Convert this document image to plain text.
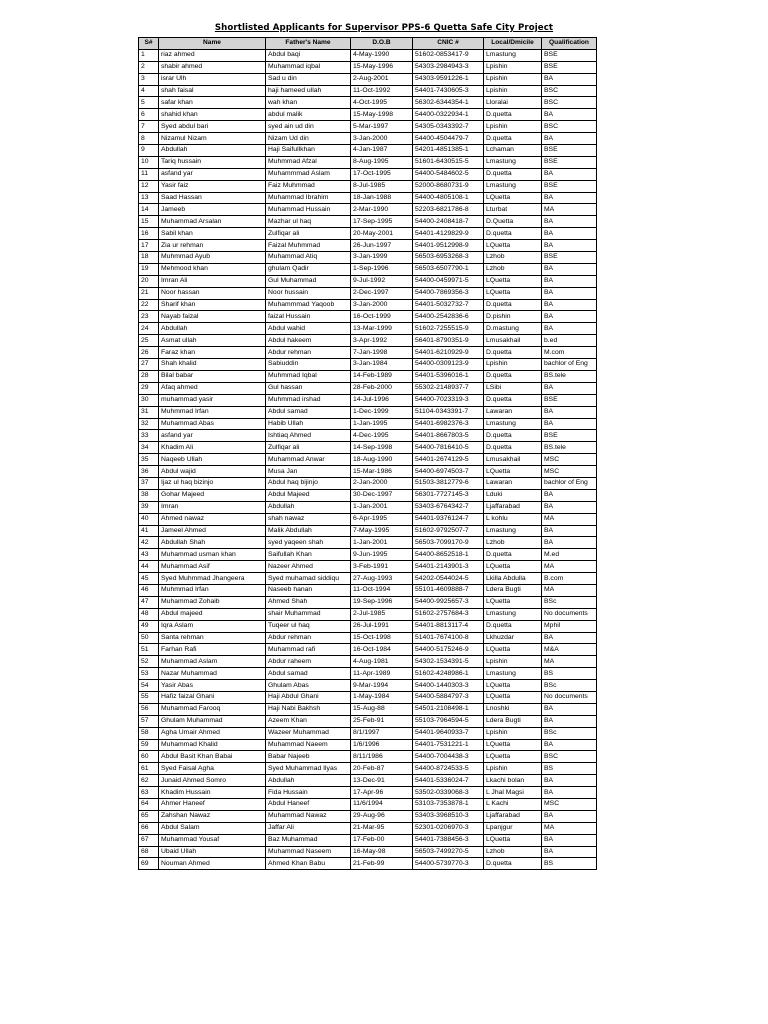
Shortlisted Applicants for Supervisor PPS-6 Quetta Safe City Project
S#	Name	Father's Name	D.O.B	CNIC #	Local/Dmicile	Qualification
1	riaz ahmed	Abdul baqi	4-May-1990	51602-0853417-9	Lmastung	BSE
2	shabir ahmed	Muhammad iqbal	15-May-1996	54303-2984943-3	Lpishin	BSE
3	israr Ulh	Sad u din	2-Aug-2001	54303-9591226-1	Lpishin	BA
4	shah faisal	haji hameed ullah	11-Oct-1992	54401-7430605-3	Lpishin	BSC
5	safar khan	wah khan	4-Oct-1995	56302-6344354-1	Lloralai	BSC
6	shahid khan	abdul malik	15-May-1998	54400-0322934-1	D.quetta	BA
7	Syed abdul bari	syed ain ud din	5-Mar-1997	54305-0343392-7	Lpishin	BSC
8	Nizamul Nizam	Nizam Ud din	3-Jan-2000	54400-4504479-7	D.quetta	BA
9	Abdullah	Haji Saifullkhan	4-Jan-1987	54201-4851385-1	Lchaman	BSE
10	Tariq hussain	Muhmmad Afzal	8-Aug-1995	51601-6430515-5	Lmastung	BSE
11	asfand yar	Muhammmad Aslam	17-Oct-1995	54400-5484602-5	D.quetta	BA
12	Yasir faiz	Faiz Muhmmad	8-Jul-1985	52000-8680731-9	Lmastung	BSE
13	Saad Hassan	Muhammad Ibrahim	18-Jan-1988	54400-4805108-1	LQuetta	BA
14	Jameeb	Muhammad Hussain	2-Mar-1990	52203-6821786-8	Lturbat	MA
15	Muhammad Arsalan	Mazhar ul haq	17-Sep-1995	54400-2408418-7	D.Quetta	BA
16	Sabil khan	Zulfiqar ali	20-May-2001	54401-4129829-9	D.quetta	BA
17	Zia ur rehman	Faizal Muhmmad	26-Jun-1997	54401-9512998-9	LQuetta	BA
18	Muhmmad Ayub	Muhammad Atiq	3-Jan-1999	56503-6953268-3	Lzhob	BSE
19	Mehmood khan	ghulam Qadir	1-Sep-1996	56503-6507790-1	Lzhob	BA
20	Imran Ali	Gul Muhammad	9-Jul-1992	54400-0459971-5	LQuetta	BA
21	Noor hassan	Noor hussain	2-Dec-1997	54400-7869356-3	LQuetta	BA
22	Sharif khan	Muhammmad Yaqoob	3-Jan-2000	54401-5032732-7	D.quetta	BA
23	Nayab faizal	faizal Hussain	16-Oct-1999	54400-2542836-6	D.pishin	BA
24	Abdullah	Abdul wahid	13-Mar-1999	51602-7255515-9	D.mastung	BA
25	Asmat ullah	Abdul hakeem	3-Apr-1992	56401-8790351-9	Lmusakhail	b.ed
26	Faraz khan	Abdur rehman	7-Jan-1998	54401-6210929-9	D.quetta	M.com
27	Shah khalid	Sabiuddin	3-Jan-1984	54400-0309123-9	Lpishin	bachlor of Eng
28	Bilal babar	Muhmmad Iqbal	14-Feb-1989	54401-5396016-1	D.quetta	BS.tele
29	Afaq ahmed	Gul hassan	28-Feb-2000	55302-2148937-7	LSibi	BA
30	muhammad yasir	Muhmmad irshad	14-Jul-1996	54400-7023319-3	D.quetta	BSE
31	Muhmmad Irfan	Abdul samad	1-Dec-1999	51104-0343391-7	Lawaran	BA
32	Muhammad Abas	Habib Ullah	1-Jan-1995	54401-6982376-3	Lmastung	BA
33	asfand yar	Ishtiaq Ahmed	4-Dec-1995	54401-8667803-5	D.quetta	BSE
34	Khadim Ali	Zulfiqar ali	14-Sep-1998	54400-7816410-5	D.quetta	BS.tele
35	Naqeeb Ullah	Muhammad Anwar	18-Aug-1990	54401-2674129-5	Lmusakhail	MSC
36	Abdul wajid	Musa Jan	15-Mar-1986	54400-6974503-7	LQuetta	MSC
37	Ijaz ul haq bizinjo	Abdul haq bijinjo	2-Jan-2000	51503-3812779-6	Lawaran	bachlor of Eng
38	Gohar Majeed	Abdul Majeed	30-Dec-1997	56301-7727145-3	Lduki	BA
39	Imran	Abdullah	1-Jan-2001	53403-6764342-7	Ljaffarabad	BA
40	Ahmed nawaz	shah nawaz	6-Apr-1995	54401-9376124-7	L kohlu	MA
41	Jameel Ahmed	Malik Abdullah	7-May-1995	51602-9792507-7	Lmastung	BA
42	Abdullah Shah	syed yaqeen shah	1-Jan-2001	56503-7099170-9	Lzhob	BA
43	Muhammad usman khan	Saifullah Khan	9-Jun-1995	54400-8652518-1	D.quetta	M.ed
44	Muhammad Asif	Nazeer Ahmed	3-Feb-1991	54401-2143901-3	LQuetta	MA
45	Syed Muhmmad Jhangeera	Syed muhamad siddiqu	27-Aug-1993	54202-0544024-5	Lkilla Abdulla	B.com
46	Muhmmad Irfan	Naseeb hanan	11-Oct-1994	55101-4609888-7	Ldera Bugti	MA
47	Muhammad Zohaib	Ahmed Shah	19-Sep-1996	54400-9925657-3	LQuetta	BSc
48	Abdul majeed	shair Muhammad	2-Jul-1985	51602-2757684-3	Lmastung	No documents
49	Iqra Aslam	Tuqeer ul haq	26-Jul-1991	54401-8813117-4	D.quetta	Mphil
50	Santa rehman	Abdur rehman	15-Oct-1998	51401-7674100-8	Lkhuzdar	BA
51	Farhan Rafi	Muhammad rafi	16-Oct-1984	54400-5175246-9	LQuetta	M&A
52	Muhammad Aslam	Abdur raheem	4-Aug-1981	54302-1534391-5	Lpishin	MA
53	Nazar Muhammad	Abdul samad	11-Apr-1989	51602-4248986-1	Lmastung	BS
54	Yasir Abas	Ghulam Abas	9-Mar-1994	54400-1440303-3	LQuetta	BSc
55	Hafiz faizal Ghani	Haji Abdul Ghani	1-May-1984	54400-5884797-3	LQuetta	No documents
56	Muhammad Farooq	Haji Nabi Bakhsh	15-Aug-88	54501-2108498-1	Lnoshki	BA
57	Ghulam Muhammad	Azeem Khan	25-Feb-91	55103-7964594-5	Ldera Bugti	BA
58	Agha Umair Ahmed	Wazeer Muhammad	8/1/1997	54401-9640933-7	Lpishin	BSc
59	Muhammad Khalid	Muhammad Naeem	1/6/1996	54401-7531221-1	LQuetta	BA
60	Abdul Basit Khan Babai	Babar Najeeb	8/11/1986	54400-7004438-3	LQuetta	BSC
61	Syed Faisal Agha	Syed Muhammad Ilyas	20-Feb-87	54400-8724533-5	Lpishin	BS
62	Junaid Ahmed Somro	Abdullah	13-Dec-91	54401-5336024-7	Lkachi bolan	BA
63	Khadim Hussain	Fida Hussain	17-Apr-96	53502-0339068-3	L Jhal Magsi	BA
64	Ahmer Haneef	Abdul Haneef	11/6/1994	53103-7353878-1	L Kachi	MSC
65	Zahshan Nawaz	Muhammad Nawaz	29-Aug-96	53403-3968510-3	Ljaffarabad	BA
66	Abdul Salam	Jaffar Ali	21-Mar-95	52301-0206970-3	Lpanjgur	MA
67	Muhammad Yousaf	Baz Muhammad	17-Feb-00	54401-7388456-3	LQuetta	BA
68	Ubaid Ullah	Muhammad Naseem	16-May-98	56503-7499270-5	Lzhob	BA
69	Nouman Ahmed	Ahmed Khan Babu	21-Feb-99	54400-5739770-3	D.quetta	BS
